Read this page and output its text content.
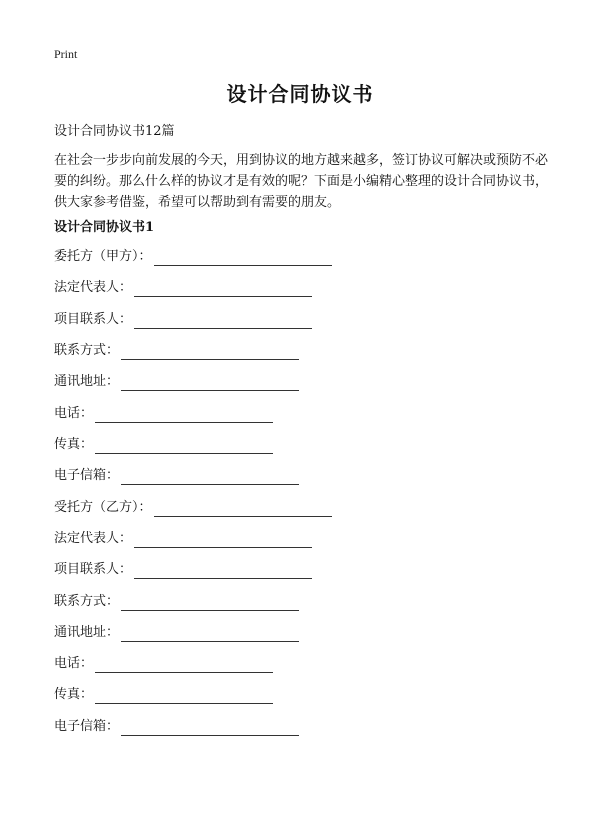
Print
设计合同协议书
设计合同协议书12篇
在社会一步步向前发展的今天，用到协议的地方越来越多，签订协议可解决或预防不必要的纠纷。那么什么样的协议才是有效的呢？下面是小编精心整理的设计合同协议书，供大家参考借鉴，希望可以帮助到有需要的朋友。
设计合同协议书1
委托方（甲方）：
法定代表人：
项目联系人：
联系方式：
通讯地址：
电话：
传真：
电子信箱：
受托方（乙方）：
法定代表人：
项目联系人：
联系方式：
通讯地址：
电话：
传真：
电子信箱：
